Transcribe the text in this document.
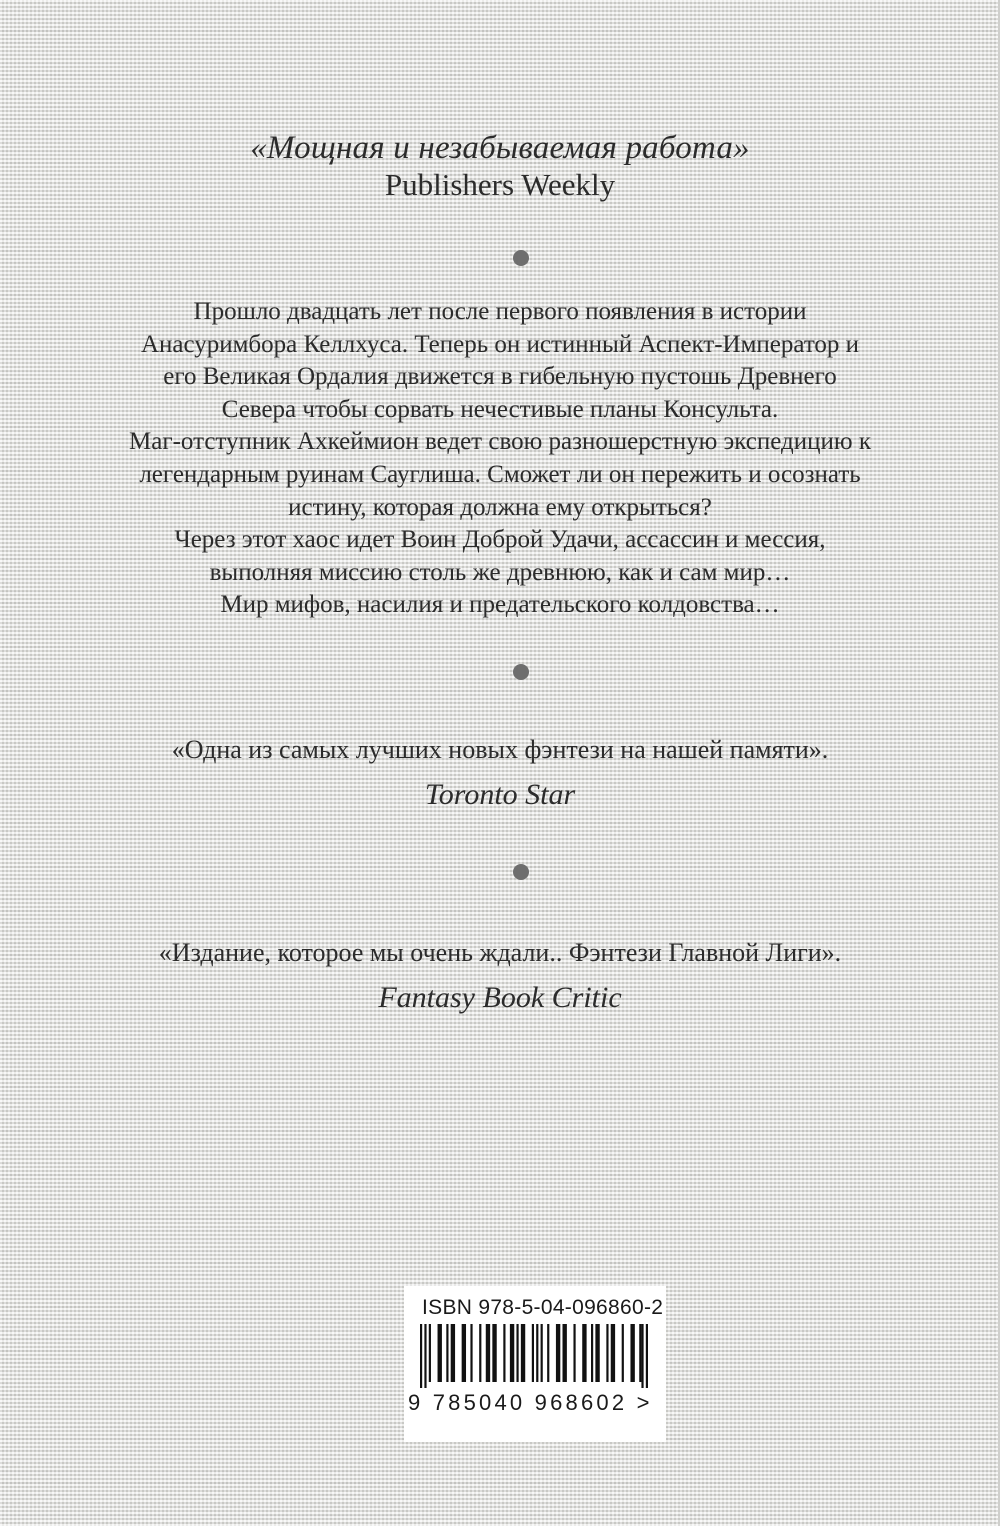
«Мощная и незабываемая работа»
Publishers Weekly

Прошло двадцать лет после первого появления в истории

Анасуримбора Келлхуса. Теперь он истинный Аспект-Император и

его Великая Ордалия движется в гибельную пустошь Древнего

Севера чтобы сорвать нечестивые планы Консульта.

Маг-отступник Ахкеймион ведет свою разношерстную экспедицию к

легендарным руинам Сауглиша. Сможет ли он пережить и осознать

истину, которая должна ему открыться?

Через этот хаос идет Воин Доброй Удачи, ассассин и мессия,

выполняя миссию столь же древнюю, как и сам мир…

Мир мифов, насилия и предательского колдовства…

«Одна из самых лучших новых фэнтези на нашей памяти».
Toronto Star
«Издание, которое мы очень ждали.. Фэнтези Главной Лиги».
Fantasy Book Critic
ISBN 978-5-04-096860-2
9 785040 968602 >
